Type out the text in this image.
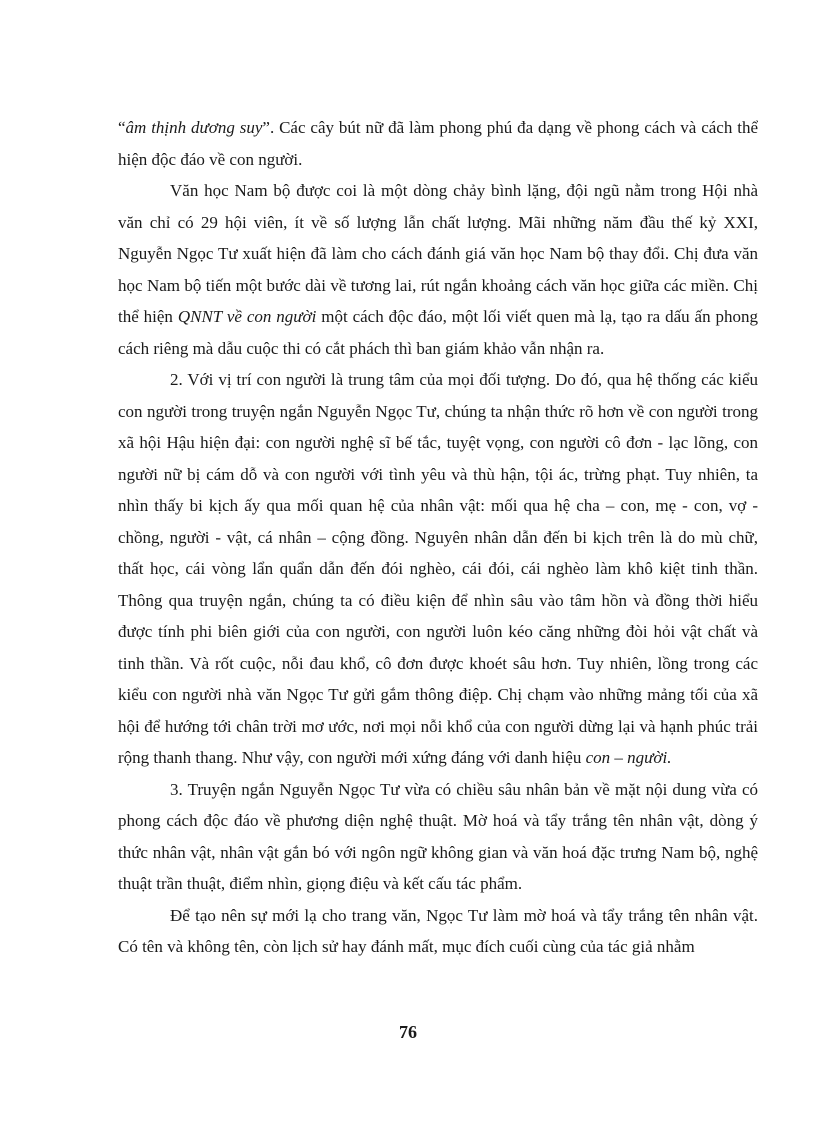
“âm thịnh dương suy”. Các cây bút nữ đã làm phong phú đa dạng về phong cách và cách thể hiện độc đáo về con người.

Văn học Nam bộ được coi là một dòng chảy bình lặng, đội ngũ nằm trong Hội nhà văn chỉ có 29 hội viên, ít về số lượng lẫn chất lượng. Mãi những năm đầu thế kỷ XXI, Nguyễn Ngọc Tư xuất hiện đã làm cho cách đánh giá văn học Nam bộ thay đổi. Chị đưa văn học Nam bộ tiến một bước dài về tương lai, rút ngắn khoảng cách văn học giữa các miền. Chị thể hiện QNNT về con người một cách độc đáo, một lối viết quen mà lạ, tạo ra dấu ấn phong cách riêng mà dẫu cuộc thi có cắt phách thì ban giám khảo vẫn nhận ra.

2. Với vị trí con người là trung tâm của mọi đối tượng. Do đó, qua hệ thống các kiểu con người trong truyện ngắn Nguyễn Ngọc Tư, chúng ta nhận thức rõ hơn về con người trong xã hội Hậu hiện đại: con người nghệ sĩ bế tắc, tuyệt vọng, con người cô đơn - lạc lõng, con người nữ bị cám dỗ và con người với tình yêu và thù hận, tội ác, trừng phạt. Tuy nhiên, ta nhìn thấy bi kịch ấy qua mối quan hệ của nhân vật: mối qua hệ cha – con, mẹ - con, vợ - chồng, người - vật, cá nhân – cộng đồng. Nguyên nhân dẫn đến bi kịch trên là do mù chữ, thất học, cái vòng lẩn quẩn dẫn đến đói nghèo, cái đói, cái nghèo làm khô kiệt tinh thần. Thông qua truyện ngắn, chúng ta có điều kiện để nhìn sâu vào tâm hồn và đồng thời hiểu được tính phi biên giới của con người, con người luôn kéo căng những đòi hỏi vật chất và tinh thần. Và rốt cuộc, nỗi đau khổ, cô đơn được khoét sâu hơn. Tuy nhiên, lồng trong các kiểu con người nhà văn Ngọc Tư gửi gắm thông điệp. Chị chạm vào những mảng tối của xã hội để hướng tới chân trời mơ ước, nơi mọi nỗi khổ của con người dừng lại và hạnh phúc trải rộng thanh thang. Như vậy, con người mới xứng đáng với danh hiệu con – người.

3. Truyện ngắn Nguyễn Ngọc Tư vừa có chiều sâu nhân bản về mặt nội dung vừa có phong cách độc đáo về phương diện nghệ thuật. Mờ hoá và tẩy trắng tên nhân vật, dòng ý thức nhân vật, nhân vật gắn bó với ngôn ngữ không gian và văn hoá đặc trưng Nam bộ, nghệ thuật trần thuật, điểm nhìn, giọng điệu và kết cấu tác phẩm.

Để tạo nên sự mới lạ cho trang văn, Ngọc Tư làm mờ hoá và tẩy trắng tên nhân vật. Có tên và không tên, còn lịch sử hay đánh mất, mục đích cuối cùng của tác giả nhằm

76
